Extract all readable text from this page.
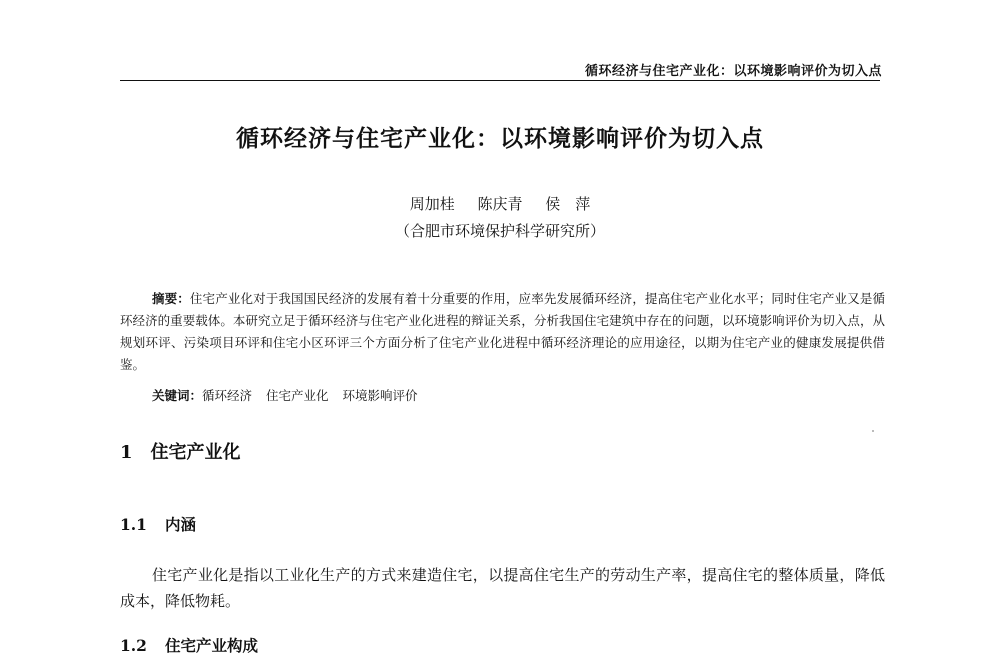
循环经济与住宅产业化：以环境影响评价为切入点
循环经济与住宅产业化：以环境影响评价为切入点
周加桂 陈庆青 侯　萍
（合肥市环境保护科学研究所）
摘要：住宅产业化对于我国国民经济的发展有着十分重要的作用，应率先发展循环经济，提高住宅产业化水平；同时住宅产业又是循环经济的重要载体。本研究立足于循环经济与住宅产业化进程的辩证关系，分析我国住宅建筑中存在的问题，以环境影响评价为切入点，从规划环评、污染项目环评和住宅小区环评三个方面分析了住宅产业化进程中循环经济理论的应用途径，以期为住宅产业的健康发展提供借鉴。
关键词：循环经济 住宅产业化 环境影响评价
1 住宅产业化
1.1 内涵
住宅产业化是指以工业化生产的方式来建造住宅，以提高住宅生产的劳动生产率，提高住宅的整体质量，降低成本，降低物耗。
1.2 住宅产业构成
